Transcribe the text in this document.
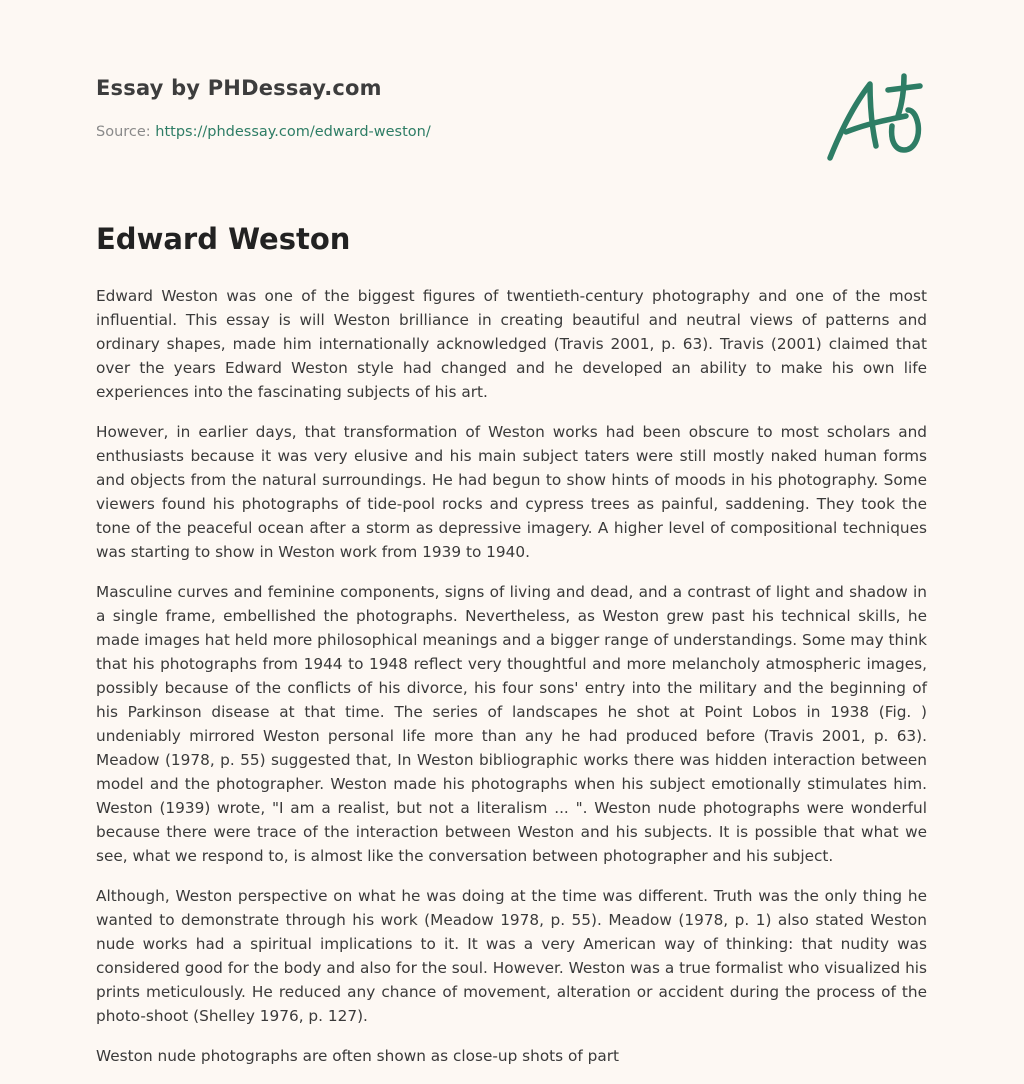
Essay by PHDessay.com
Source: https://phdessay.com/edward-weston/
Edward Weston

Edward Weston was one of the biggest figures of twentieth-century photography and one of the most influential. This essay is will Weston brilliance in creating beautiful and neutral views of patterns and ordinary shapes, made him internationally acknowledged (Travis 2001, p. 63). Travis (2001) claimed that over the years Edward Weston style had changed and he developed an ability to make his own life experiences into the fascinating subjects of his art.

However, in earlier days, that transformation of Weston works had been obscure to most scholars and enthusiasts because it was very elusive and his main subject taters were still mostly naked human forms and objects from the natural surroundings. He had begun to show hints of moods in his photography. Some viewers found his photographs of tide-pool rocks and cypress trees as painful, saddening. They took the tone of the peaceful ocean after a storm as depressive imagery. A higher level of compositional techniques was starting to show in Weston work from 1939 to 1940.

Masculine curves and feminine components, signs of living and dead, and a contrast of light and shadow in a single frame, embellished the photographs. Nevertheless, as Weston grew past his technical skills, he made images hat held more philosophical meanings and a bigger range of understandings. Some may think that his photographs from 1944 to 1948 reflect very thoughtful and more melancholy atmospheric images, possibly because of the conflicts of his divorce, his four sons' entry into the military and the beginning of his Parkinson disease at that time. The series of landscapes he shot at Point Lobos in 1938 (Fig. ) undeniably mirrored Weston personal life more than any he had produced before (Travis 2001, p. 63). Meadow (1978, p. 55) suggested that, In Weston bibliographic works there was hidden interaction between model and the photographer. Weston made his photographs when his subject emotionally stimulates him. Weston (1939) wrote, "I am a realist, but not a literalism ... ". Weston nude photographs were wonderful because there were trace of the interaction between Weston and his subjects. It is possible that what we see, what we respond to, is almost like the conversation between photographer and his subject.

Although, Weston perspective on what he was doing at the time was different. Truth was the only thing he wanted to demonstrate through his work (Meadow 1978, p. 55). Meadow (1978, p. 1) also stated Weston nude works had a spiritual implications to it. It was a very American way of thinking: that nudity was considered good for the body and also for the soul. However. Weston was a true formalist who visualized his prints meticulously. He reduced any chance of movement, alteration or accident during the process of the photo-shoot (Shelley 1976, p. 127).

Weston nude photographs are often shown as close-up shots of part
